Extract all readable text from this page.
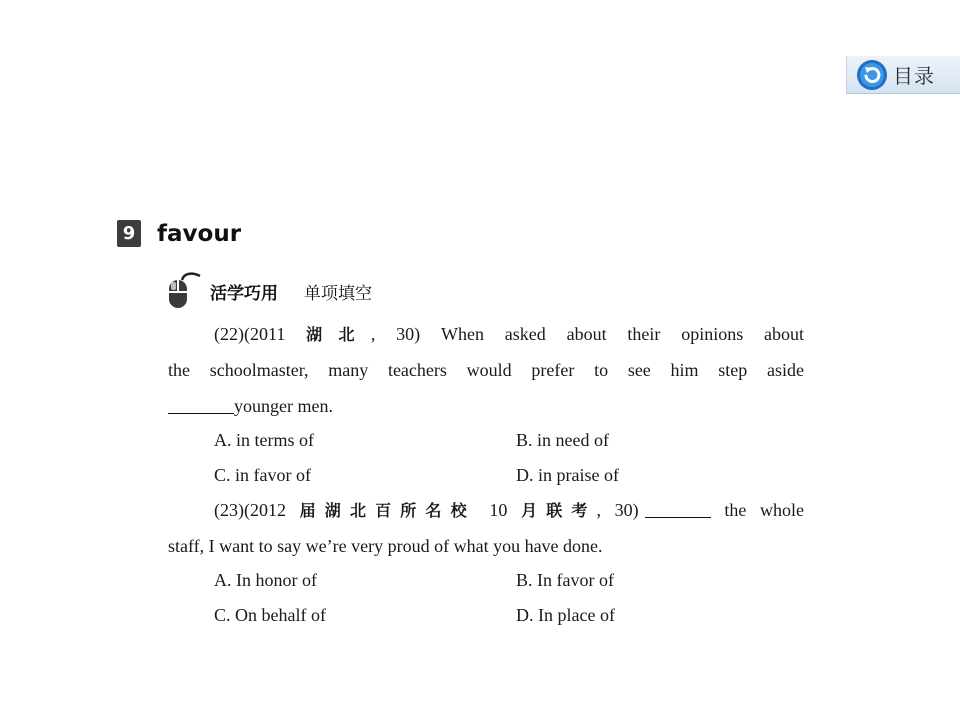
目录
9 favour
活学巧用 单项填空
(22)(2011 湖北, 30) When asked about their opinions about
the schoolmaster, many teachers would prefer to see him step aside
younger men.
A. in terms of	B. in need of
C. in favor of	D. in praise of
(23)(2012 届湖北百所名校 10 月联考, 30)	the whole
staff, I want to say we’re very proud of what you have done.
A. In honor of	B. In favor of
C. On behalf of	D. In place of
